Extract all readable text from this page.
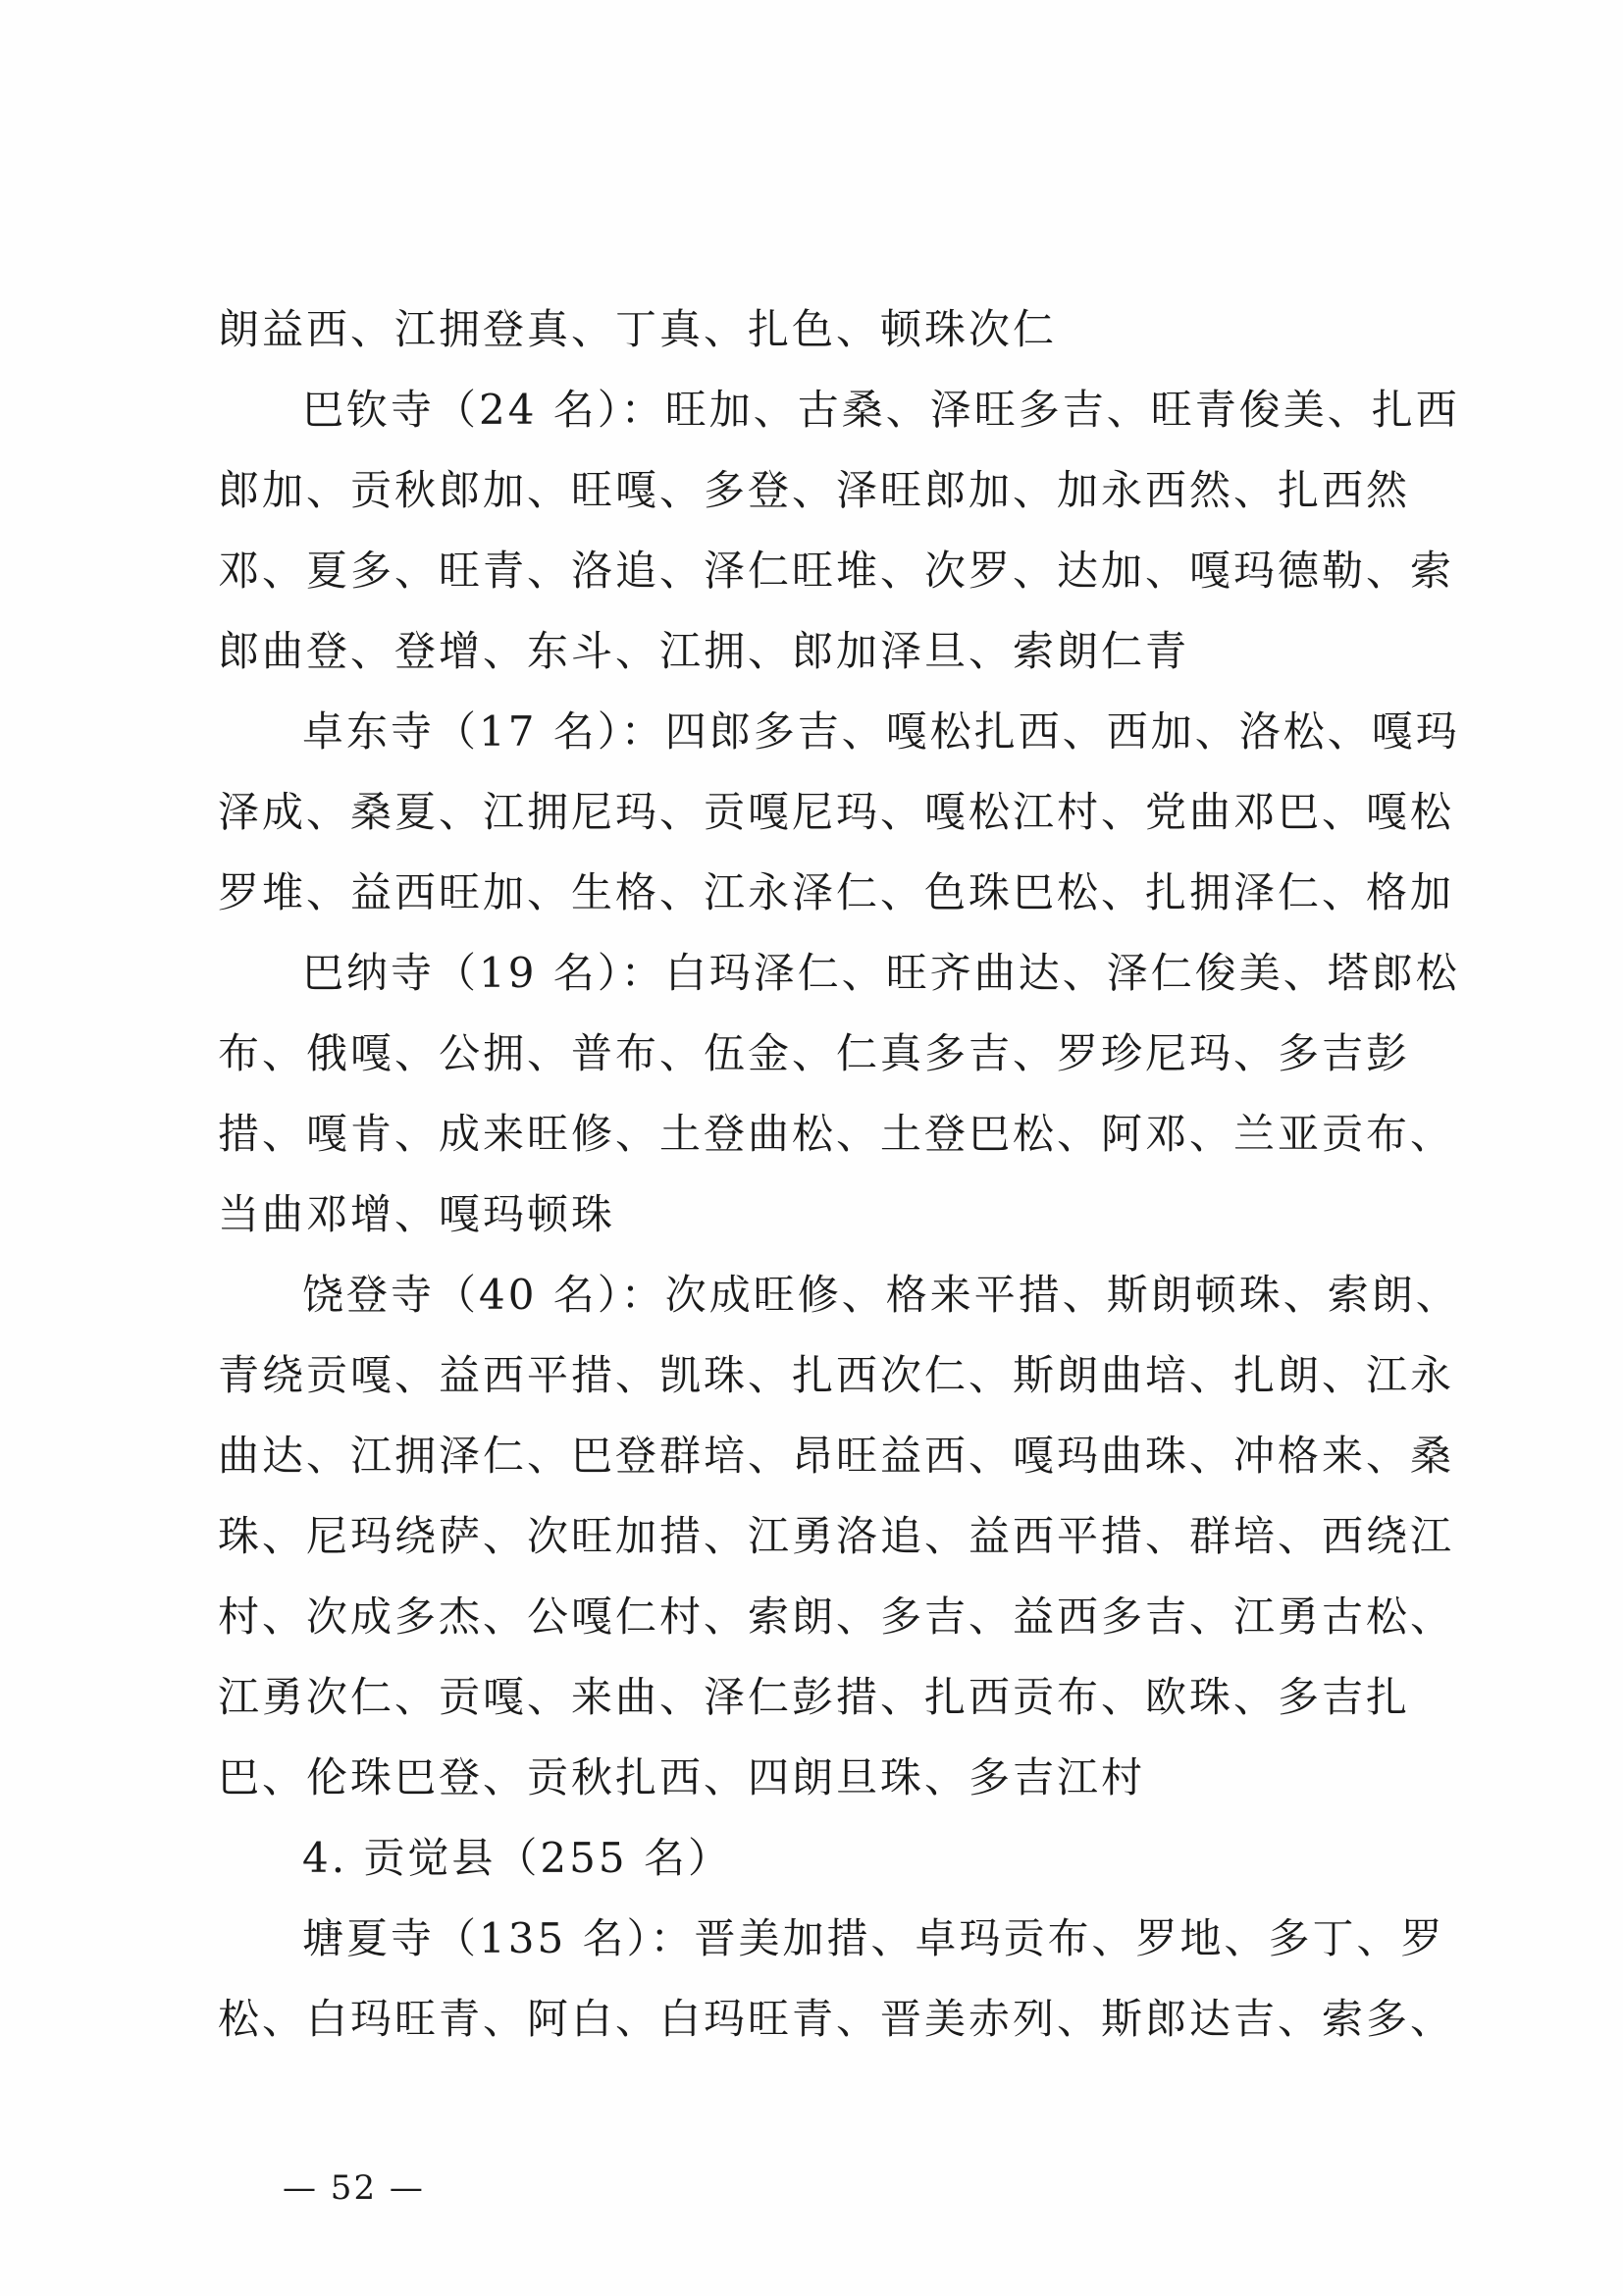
朗益西、江拥登真、丁真、扎色、顿珠次仁
巴钦寺（24 名）：旺加、古桑、泽旺多吉、旺青俊美、扎西
郎加、贡秋郎加、旺嘎、多登、泽旺郎加、加永西然、扎西然
邓、夏多、旺青、洛追、泽仁旺堆、次罗、达加、嘎玛德勒、索
郎曲登、登增、东斗、江拥、郎加泽旦、索朗仁青
卓东寺（17 名）：四郎多吉、嘎松扎西、西加、洛松、嘎玛
泽成、桑夏、江拥尼玛、贡嘎尼玛、嘎松江村、党曲邓巴、嘎松
罗堆、益西旺加、生格、江永泽仁、色珠巴松、扎拥泽仁、格加
巴纳寺（19 名）：白玛泽仁、旺齐曲达、泽仁俊美、塔郎松
布、俄嘎、公拥、普布、伍金、仁真多吉、罗珍尼玛、多吉彭
措、嘎肯、成来旺修、土登曲松、土登巴松、阿邓、兰亚贡布、
当曲邓增、嘎玛顿珠
饶登寺（40 名）：次成旺修、格来平措、斯朗顿珠、索朗、
青绕贡嘎、益西平措、凯珠、扎西次仁、斯朗曲培、扎朗、江永
曲达、江拥泽仁、巴登群培、昂旺益西、嘎玛曲珠、冲格来、桑
珠、尼玛绕萨、次旺加措、江勇洛追、益西平措、群培、西绕江
村、次成多杰、公嘎仁村、索朗、多吉、益西多吉、江勇古松、
江勇次仁、贡嘎、来曲、泽仁彭措、扎西贡布、欧珠、多吉扎
巴、伦珠巴登、贡秋扎西、四朗旦珠、多吉江村
4. 贡觉县（255 名）
塘夏寺（135 名）：晋美加措、卓玛贡布、罗地、多丁、罗
松、白玛旺青、阿白、白玛旺青、晋美赤列、斯郎达吉、索多、
— 52 —
